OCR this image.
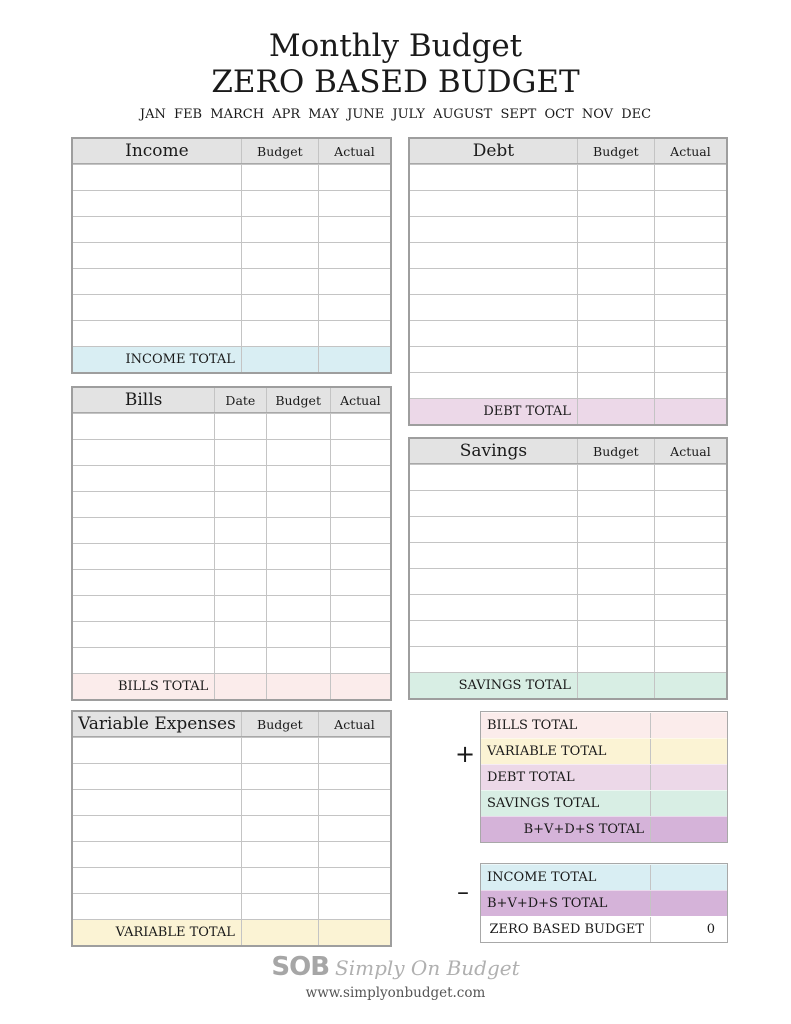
Monthly Budget
ZERO BASED BUDGET
JAN FEB MARCH APR MAY JUNE JULY AUGUST SEPT OCT NOV DEC
Income	Budget	Actual
INCOME TOTAL
Bills	Date	Budget	Actual
BILLS TOTAL
Variable Expenses	Budget	Actual
VARIABLE TOTAL
Debt	Budget	Actual
DEBT TOTAL
Savings	Budget	Actual
SAVINGS TOTAL
+
BILLS TOTAL
VARIABLE TOTAL
DEBT TOTAL
SAVINGS TOTAL
B+V+D+S TOTAL
–
INCOME TOTAL
B+V+D+S TOTAL
ZERO BASED BUDGET	0
SOB Simply On Budget
www.simplyonbudget.com
